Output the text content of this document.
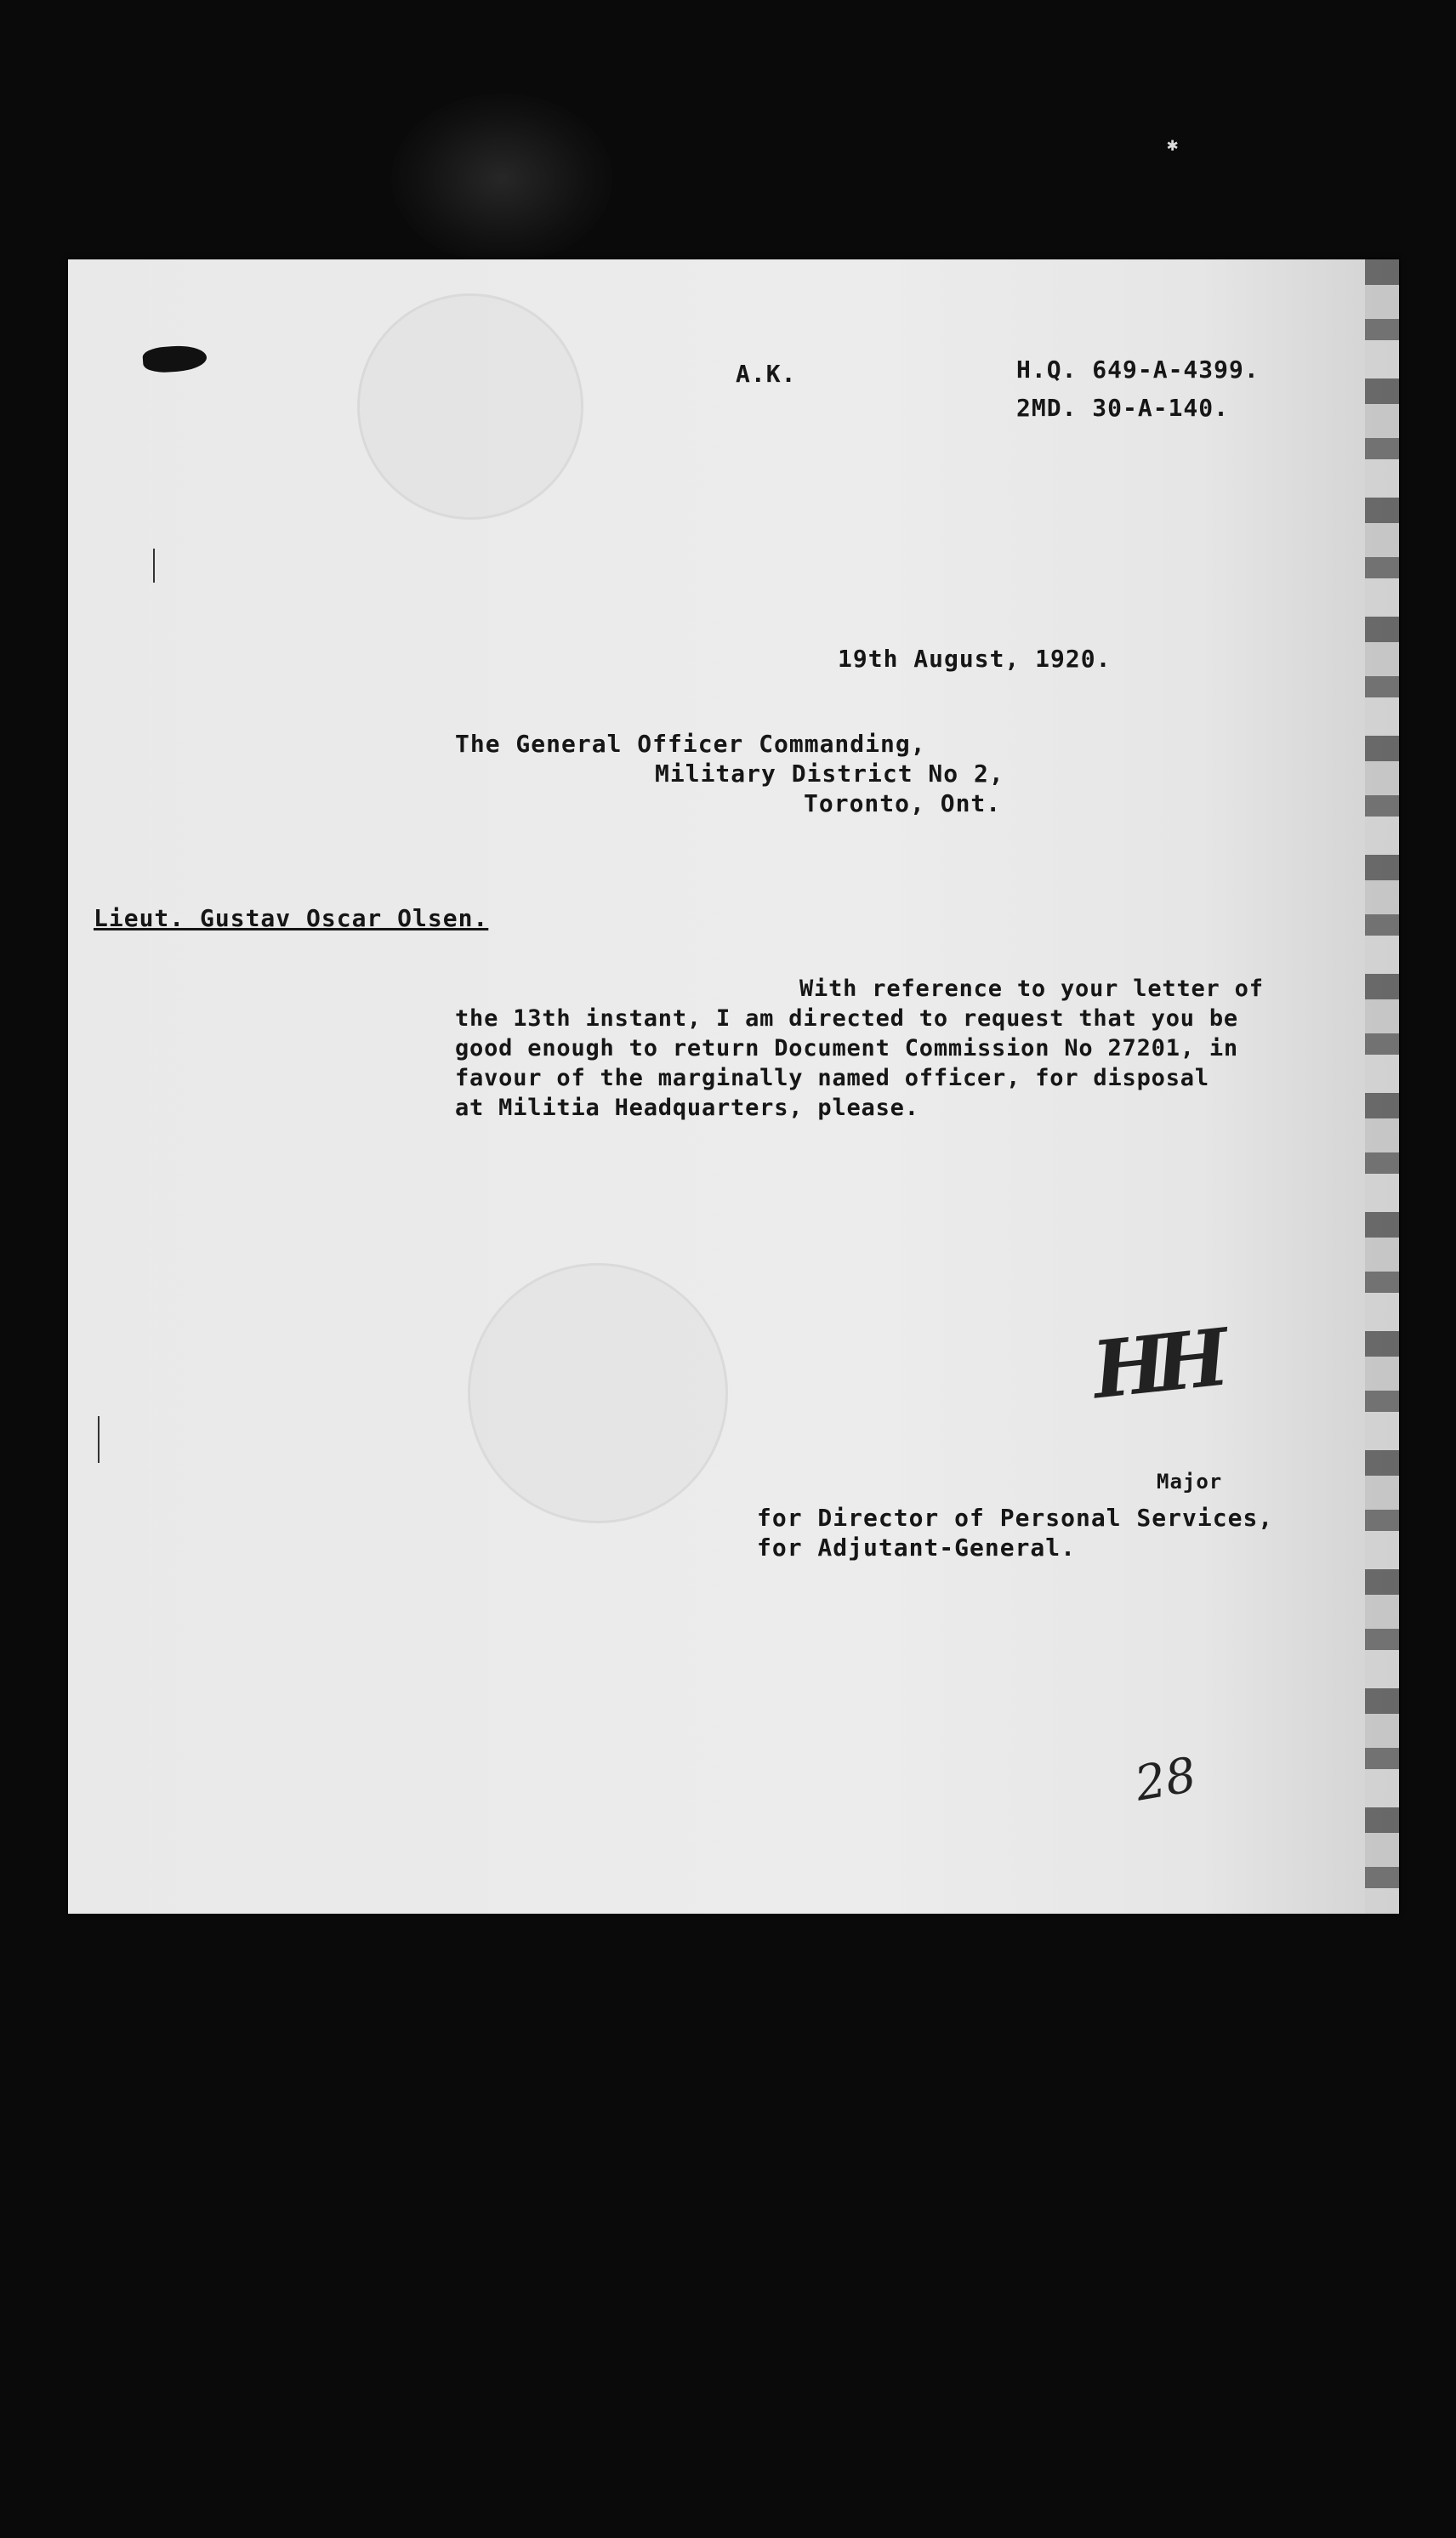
✱
A.K.	H.Q. 649-A-4399.
2MD. 30-A-140.
19th August, 1920.
The General Officer Commanding,
Military District No 2,
Toronto, Ont.
Lieut. Gustav Oscar Olsen.
With reference to your letter of
the 13th instant, I am directed to request that you be
good enough to return Document Commission No 27201, in
favour of the marginally named officer, for disposal
at Militia Headquarters, please.
HH
Major
for Director of Personal Services,
for Adjutant-General.
28
